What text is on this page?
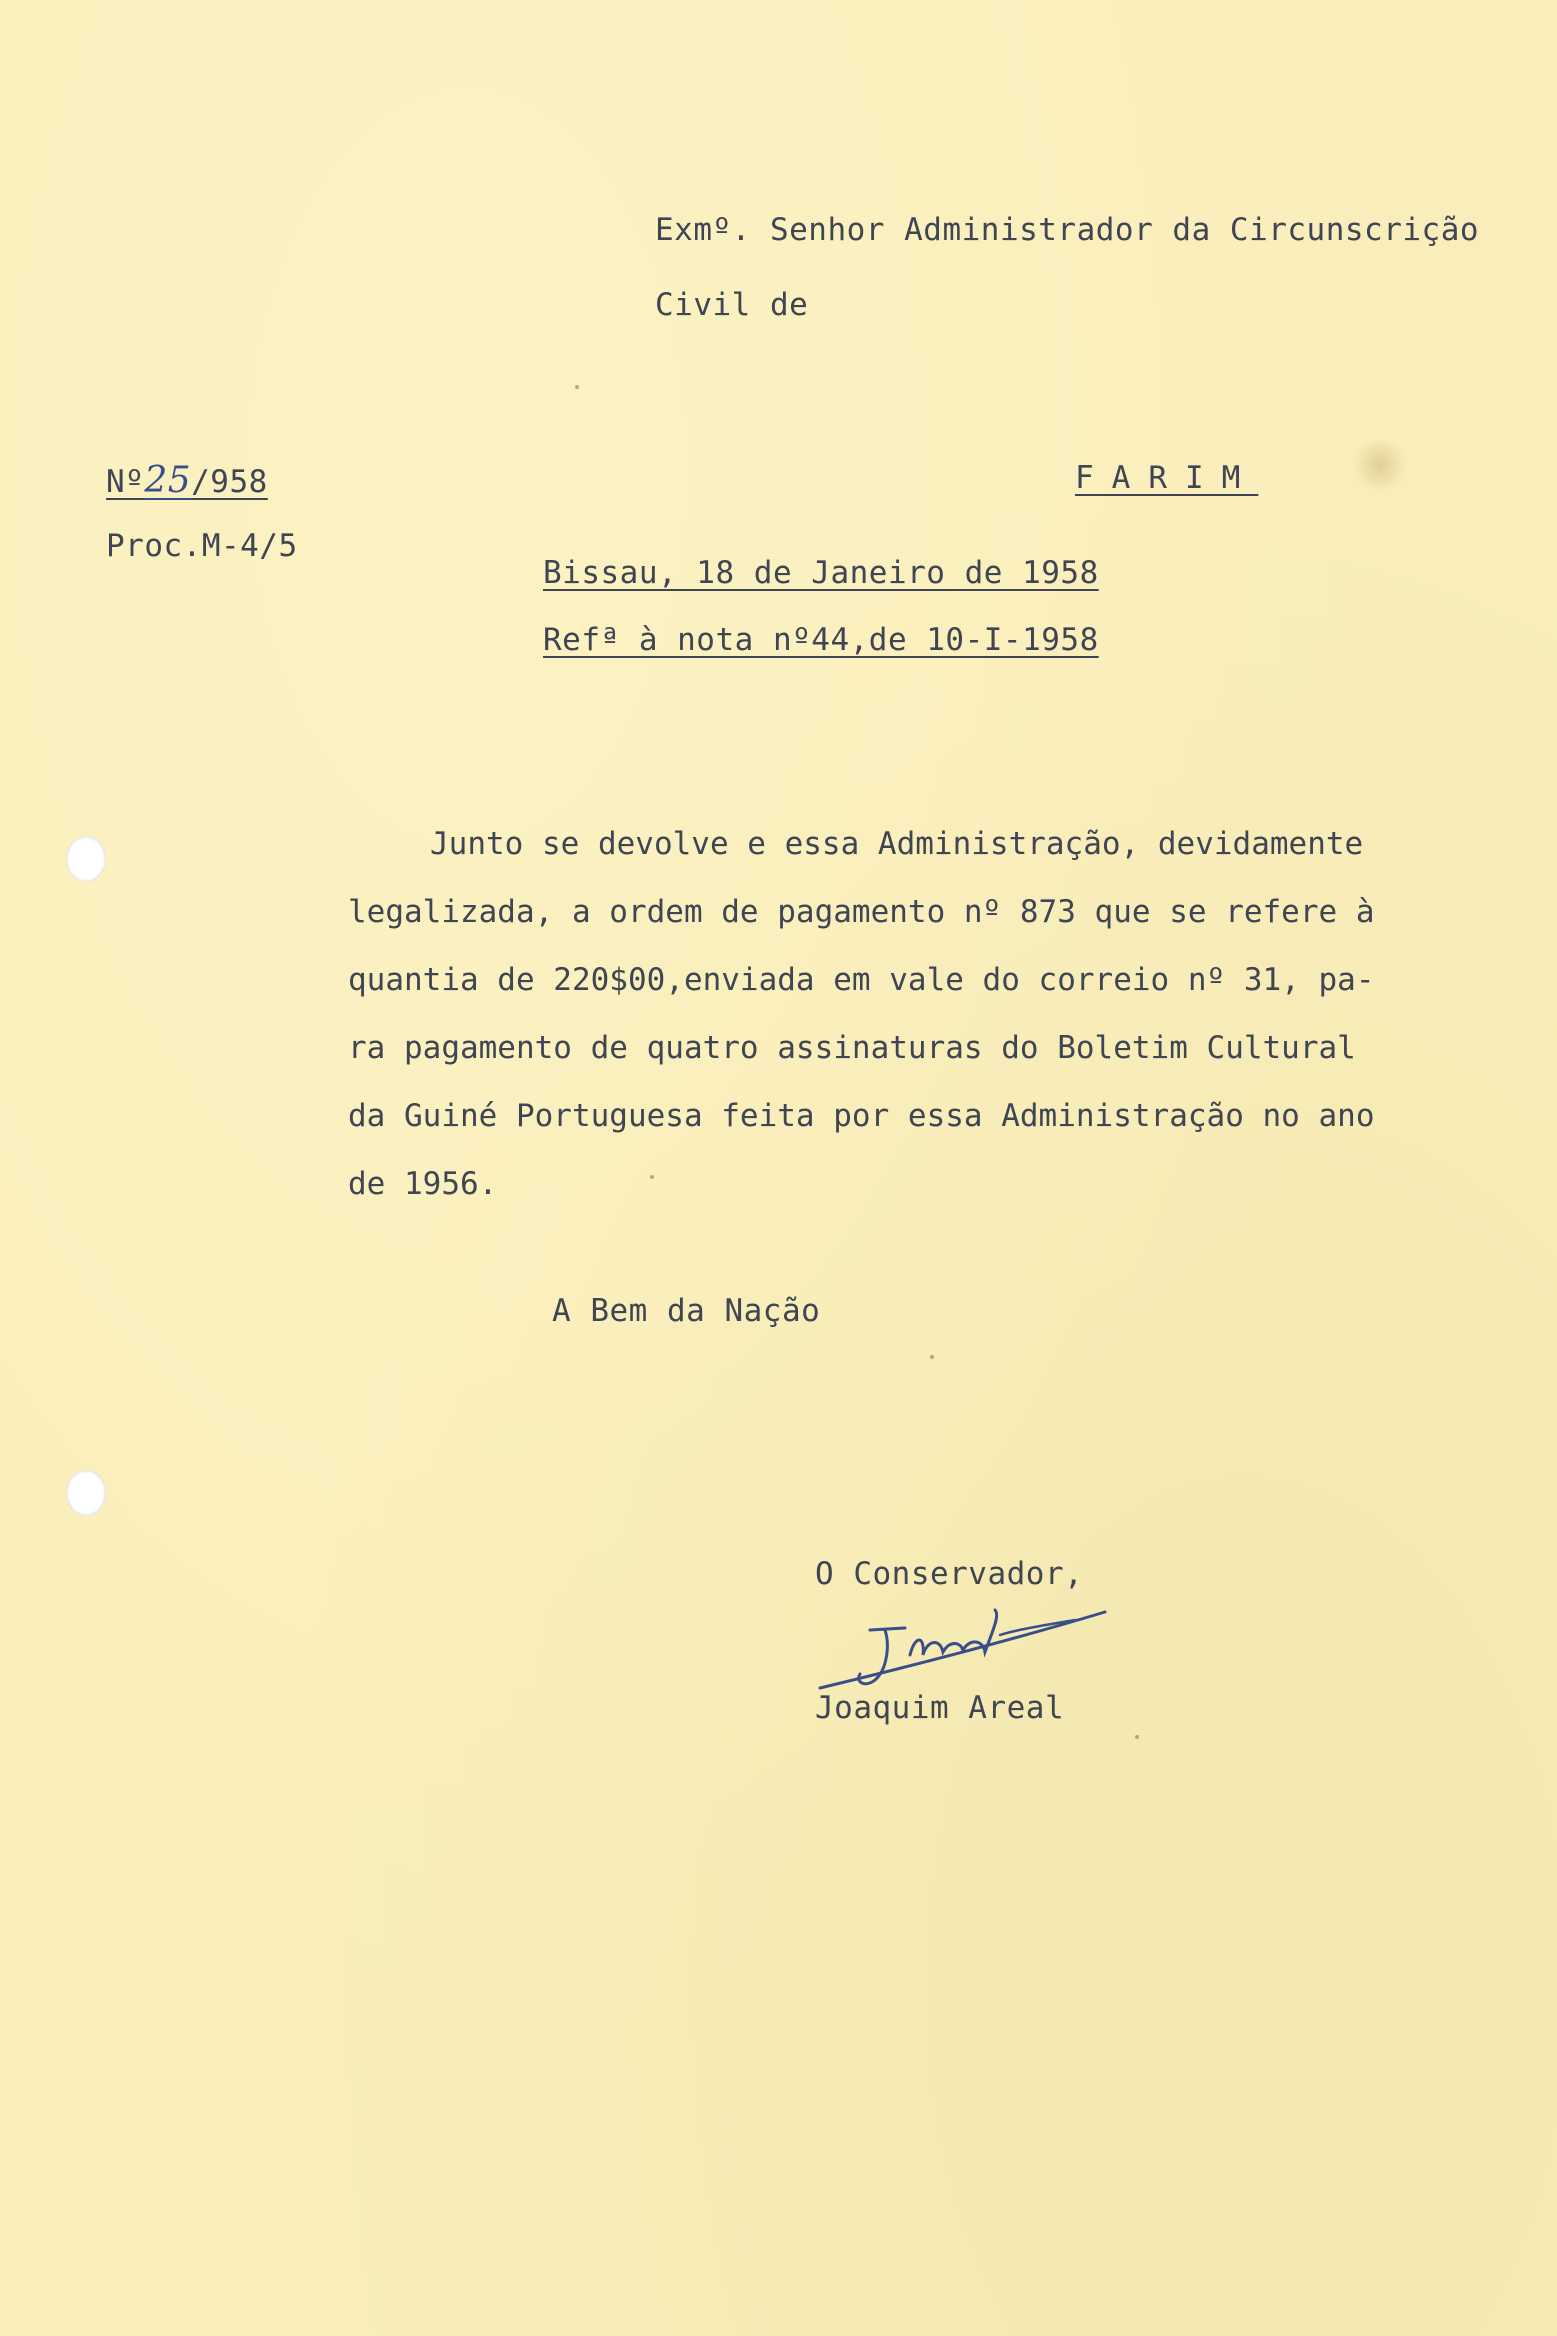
Exmº. Senhor Administrador da Circunscrição
Civil de
Nº25/958
Proc.M-4/5
FARIM
Bissau, 18 de Janeiro de 1958
Refª à nota nº44,de 10-I-1958
Junto se devolve e essa Administração, devidamente
legalizada, a ordem de pagamento nº 873 que se refere à
quantia de 220$00,enviada em vale do correio nº 31, pa-
ra pagamento de quatro assinaturas do Boletim Cultural
da Guiné Portuguesa feita por essa Administração no ano
de 1956.
A Bem da Nação
O Conservador,
Joaquim Areal
